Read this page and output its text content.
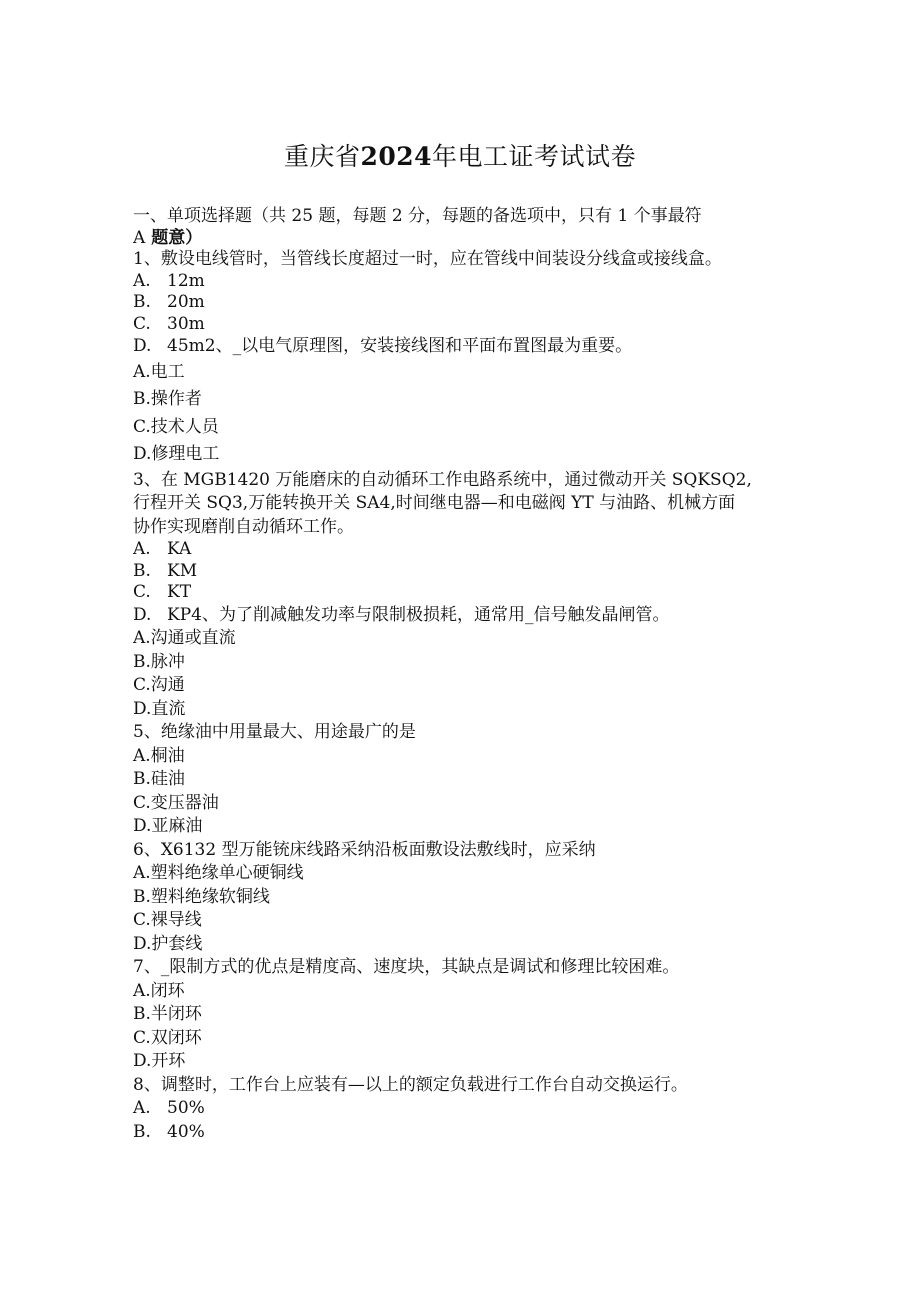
重庆省2024年电工证考试试卷

一、单项选择题（共 25 题，每题 2 分，每题的备选项中，只有 1 个事最符

A 题意）

1、敷设电线管时，当管线长度超过一时，应在管线中间装设分线盒或接线盒。

A. 12m

B. 20m

C. 30m

D. 45m2、_以电气原理图，安装接线图和平面布置图最为重要。

A.电工

B.操作者

C.技术人员

D.修理电工

3、在 MGB1420 万能磨床的自动循环工作电路系统中，通过微动开关 SQKSQ2,

行程开关 SQ3,万能转换开关 SA4,时间继电器—和电磁阀 YT 与油路、机械方面

协作实现磨削自动循环工作。

A. KA

B. KM

C. KT

D. KP4、为了削减触发功率与限制极损耗，通常用_信号触发晶闸管。

A.沟通或直流

B.脉冲

C.沟通

D.直流

5、绝缘油中用量最大、用途最广的是

A.桐油

B.硅油

C.变压器油

D.亚麻油

6、X6132 型万能铳床线路采纳沿板面敷设法敷线时，应采纳

A.塑料绝缘单心硬铜线

B.塑料绝缘软铜线

C.裸导线

D.护套线

7、_限制方式的优点是精度高、速度块，其缺点是调试和修理比较困难。

A.闭环

B.半闭环

C.双闭环

D.开环

8、调整时，工作台上应装有—以上的额定负载进行工作台自动交换运行。

A. 50%

B. 40%
